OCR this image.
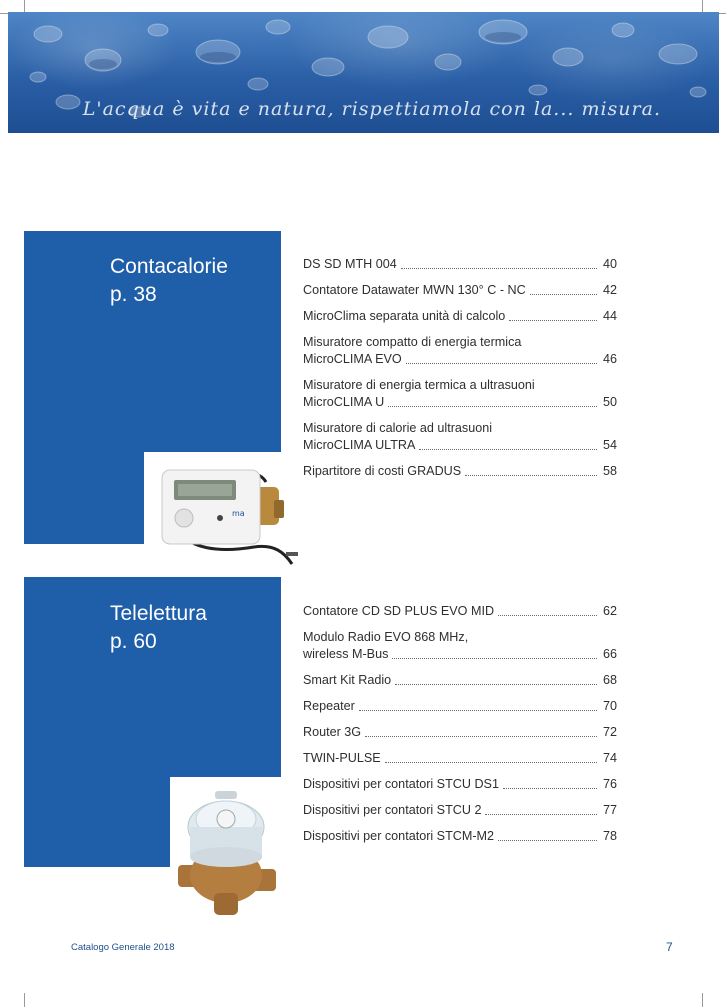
L'acqua è vita e natura, rispettiamola con la... misura.
Contacalorie
p. 38
ma
DS SD MTH 004	40
Contatore Datawater MWN 130° C - NC	42
MicroClima separata unità di calcolo	44
Misuratore compatto di energia termica
MicroCLIMA EVO	46
Misuratore di energia termica a ultrasuoni
MicroCLIMA U	50
Misuratore di calorie ad ultrasuoni
MicroCLIMA ULTRA	54
Ripartitore di costi GRADUS	58
Telelettura
p. 60
Contatore CD SD PLUS EVO MID	62
Modulo Radio EVO 868 MHz,
wireless M-Bus	66
Smart Kit Radio	68
Repeater	70
Router 3G	72
TWIN-PULSE	74
Dispositivi per contatori STCU DS1	76
Dispositivi per contatori STCU 2	77
Dispositivi per contatori STCM-M2	78
Catalogo Generale 2018	7
